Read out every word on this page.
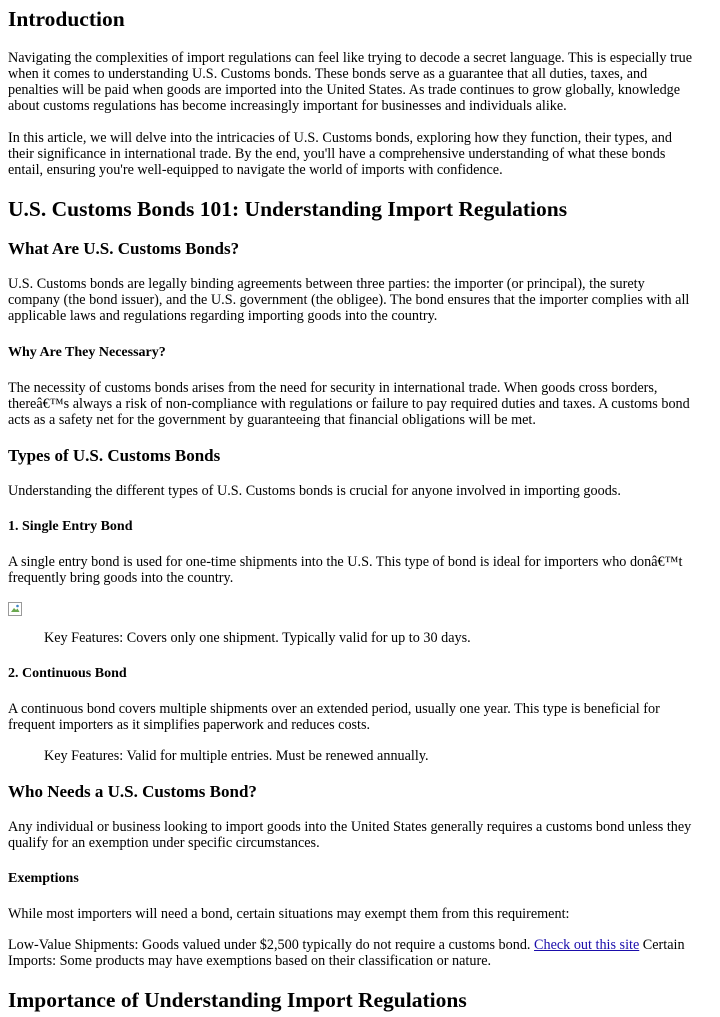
Introduction

Navigating the complexities of import regulations can feel like trying to decode a secret language. This is especially true

when it comes to understanding U.S. Customs bonds. These bonds serve as a guarantee that all duties, taxes, and

penalties will be paid when goods are imported into the United States. As trade continues to grow globally, knowledge

about customs regulations has become increasingly important for businesses and individuals alike.

In this article, we will delve into the intricacies of U.S. Customs bonds, exploring how they function, their types, and

their significance in international trade. By the end, you'll have a comprehensive understanding of what these bonds

entail, ensuring you're well-equipped to navigate the world of imports with confidence.

U.S. Customs Bonds 101: Understanding Import Regulations
What Are U.S. Customs Bonds?

U.S. Customs bonds are legally binding agreements between three parties: the importer (or principal), the surety

company (the bond issuer), and the U.S. government (the obligee). The bond ensures that the importer complies with all

applicable laws and regulations regarding importing goods into the country.

Why Are They Necessary?

The necessity of customs bonds arises from the need for security in international trade. When goods cross borders,

thereâ€™s always a risk of non-compliance with regulations or failure to pay required duties and taxes. A customs bond

acts as a safety net for the government by guaranteeing that financial obligations will be met.

Types of U.S. Customs Bonds

Understanding the different types of U.S. Customs bonds is crucial for anyone involved in importing goods.

1. Single Entry Bond

A single entry bond is used for one-time shipments into the U.S. This type of bond is ideal for importers who donâ€™t

frequently bring goods into the country.

Key Features: Covers only one shipment. Typically valid for up to 30 days.

2. Continuous Bond

A continuous bond covers multiple shipments over an extended period, usually one year. This type is beneficial for

frequent importers as it simplifies paperwork and reduces costs.

Key Features: Valid for multiple entries. Must be renewed annually.

Who Needs a U.S. Customs Bond?

Any individual or business looking to import goods into the United States generally requires a customs bond unless they

qualify for an exemption under specific circumstances.

Exemptions

While most importers will need a bond, certain situations may exempt them from this requirement:

Low-Value Shipments: Goods valued under $2,500 typically do not require a customs bond. Check out this site Certain

Imports: Some products may have exemptions based on their classification or nature.

Importance of Understanding Import Regulations
